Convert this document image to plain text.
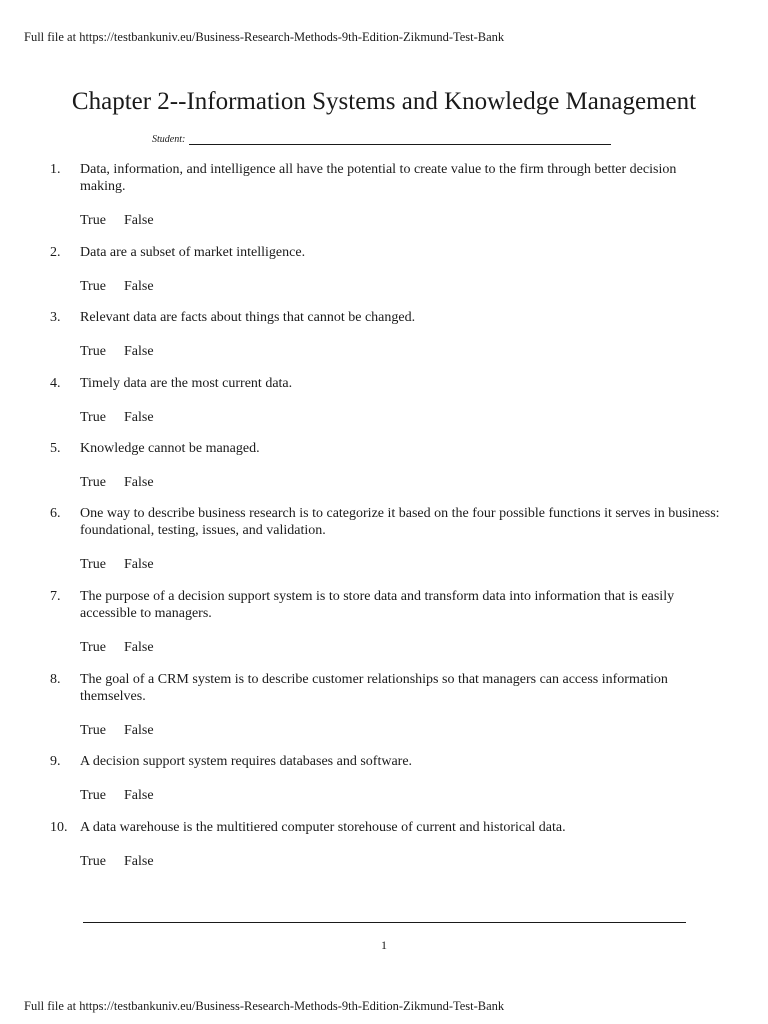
Full file at https://testbankuniv.eu/Business-Research-Methods-9th-Edition-Zikmund-Test-Bank
Chapter 2--Information Systems and Knowledge Management
Student:
1.	Data, information, and intelligence all have the potential to create value to the firm through better decision making.
True	False
2.	Data are a subset of market intelligence.
True	False
3.	Relevant data are facts about things that cannot be changed.
True	False
4.	Timely data are the most current data.
True	False
5.	Knowledge cannot be managed.
True	False
6.	One way to describe business research is to categorize it based on the four possible functions it serves in business: foundational, testing, issues, and validation.
True	False
7.	The purpose of a decision support system is to store data and transform data into information that is easily accessible to managers.
True	False
8.	The goal of a CRM system is to describe customer relationships so that managers can access information themselves.
True	False
9.	A decision support system requires databases and software.
True	False
10. A data warehouse is the multitiered computer storehouse of current and historical data.
True	False
1
Full file at https://testbankuniv.eu/Business-Research-Methods-9th-Edition-Zikmund-Test-Bank
